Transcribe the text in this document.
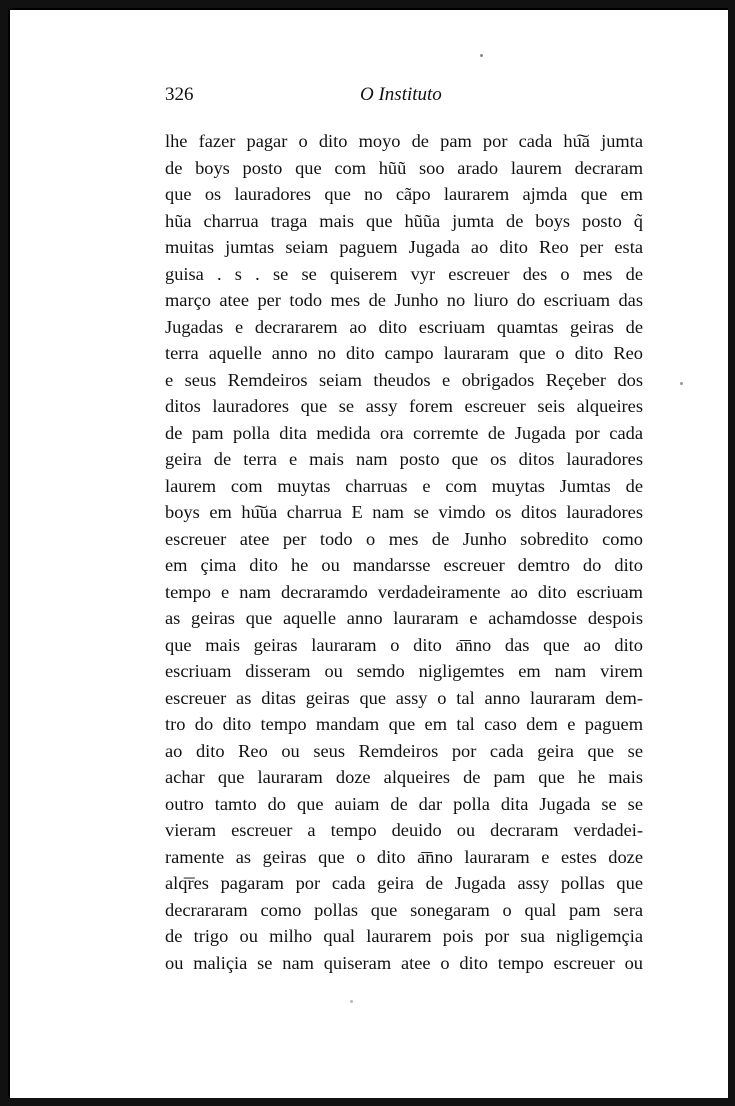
326	O Instituto
lhe fazer pagar o dito moyo de pam por cada hu͠a jumta
de boys posto que com hũũ soo arado laurem decraram
que os lauradores que no cãpo laurarem ajmda que em
hũa charrua traga mais que hũũa jumta de boys posto q̃
muitas jumtas seiam paguem Jugada ao dito Reo per esta
guisa . s . se se quiserem vyr escreuer des o mes de
março atee per todo mes de Junho no liuro do escriuam das
Jugadas e decrararem ao dito escriuam quamtas geiras de
terra aquelle anno no dito campo lauraram que o dito Reo
e seus Remdeiros seiam theudos e obrigados Reçeber dos
ditos lauradores que se assy forem escreuer seis alqueires
de pam polla dita medida ora corremte de Jugada por cada
geira de terra e mais nam posto que os ditos lauradores
laurem com muytas charruas e com muytas Jumtas de
boys em hu͠ua charrua E nam se vimdo os ditos lauradores
escreuer atee per todo o mes de Junho sobredito como
em çima dito he ou mandarsse escreuer demtro do dito
tempo e nam decraramdo verdadeiramente ao dito escriuam
as geiras que aquelle anno lauraram e achamdosse despois
que mais geiras lauraram o dito a͞nno das que ao dito
escriuam disseram ou semdo nigligemtes em nam virem
escreuer as ditas geiras que assy o tal anno lauraram dem-
tro do dito tempo mandam que em tal caso dem e paguem
ao dito Reo ou seus Remdeiros por cada geira que se
achar que lauraram doze alqueires de pam que he mais
outro tamto do que auiam de dar polla dita Jugada se se
vieram escreuer a tempo deuido ou decraram verdadei-
ramente as geiras que o dito a͞nno lauraram e estes doze
alq͞res pagaram por cada geira de Jugada assy pollas que
decrararam como pollas que sonegaram o qual pam sera
de trigo ou milho qual laurarem pois por sua nigligemçia
ou maliçia se nam quiseram atee o dito tempo escreuer ou
